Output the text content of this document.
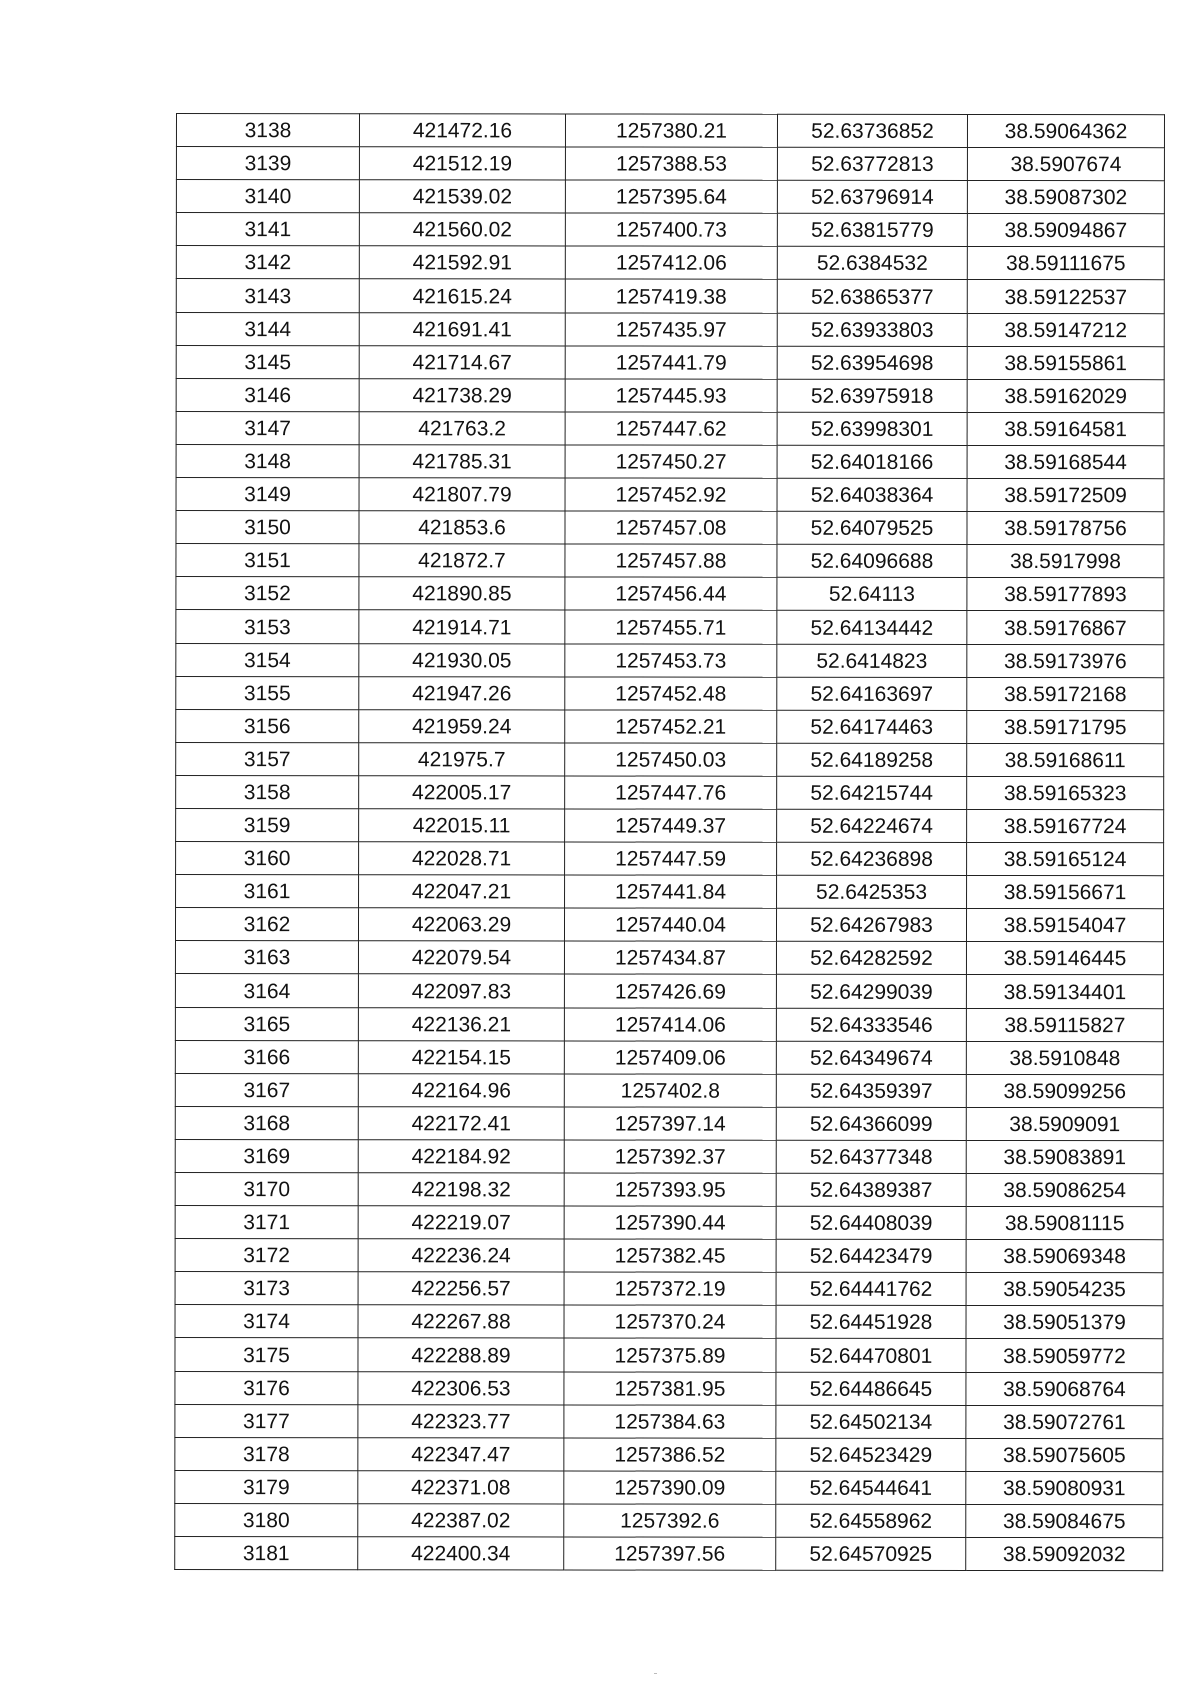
3138	421472.16	1257380.21	52.63736852	38.59064362
3139	421512.19	1257388.53	52.63772813	38.5907674
3140	421539.02	1257395.64	52.63796914	38.59087302
3141	421560.02	1257400.73	52.63815779	38.59094867
3142	421592.91	1257412.06	52.6384532	38.59111675
3143	421615.24	1257419.38	52.63865377	38.59122537
3144	421691.41	1257435.97	52.63933803	38.59147212
3145	421714.67	1257441.79	52.63954698	38.59155861
3146	421738.29	1257445.93	52.63975918	38.59162029
3147	421763.2	1257447.62	52.63998301	38.59164581
3148	421785.31	1257450.27	52.64018166	38.59168544
3149	421807.79	1257452.92	52.64038364	38.59172509
3150	421853.6	1257457.08	52.64079525	38.59178756
3151	421872.7	1257457.88	52.64096688	38.5917998
3152	421890.85	1257456.44	52.64113	38.59177893
3153	421914.71	1257455.71	52.64134442	38.59176867
3154	421930.05	1257453.73	52.6414823	38.59173976
3155	421947.26	1257452.48	52.64163697	38.59172168
3156	421959.24	1257452.21	52.64174463	38.59171795
3157	421975.7	1257450.03	52.64189258	38.59168611
3158	422005.17	1257447.76	52.64215744	38.59165323
3159	422015.11	1257449.37	52.64224674	38.59167724
3160	422028.71	1257447.59	52.64236898	38.59165124
3161	422047.21	1257441.84	52.6425353	38.59156671
3162	422063.29	1257440.04	52.64267983	38.59154047
3163	422079.54	1257434.87	52.64282592	38.59146445
3164	422097.83	1257426.69	52.64299039	38.59134401
3165	422136.21	1257414.06	52.64333546	38.59115827
3166	422154.15	1257409.06	52.64349674	38.5910848
3167	422164.96	1257402.8	52.64359397	38.59099256
3168	422172.41	1257397.14	52.64366099	38.5909091
3169	422184.92	1257392.37	52.64377348	38.59083891
3170	422198.32	1257393.95	52.64389387	38.59086254
3171	422219.07	1257390.44	52.64408039	38.59081115
3172	422236.24	1257382.45	52.64423479	38.59069348
3173	422256.57	1257372.19	52.64441762	38.59054235
3174	422267.88	1257370.24	52.64451928	38.59051379
3175	422288.89	1257375.89	52.64470801	38.59059772
3176	422306.53	1257381.95	52.64486645	38.59068764
3177	422323.77	1257384.63	52.64502134	38.59072761
3178	422347.47	1257386.52	52.64523429	38.59075605
3179	422371.08	1257390.09	52.64544641	38.59080931
3180	422387.02	1257392.6	52.64558962	38.59084675
3181	422400.34	1257397.56	52.64570925	38.59092032
